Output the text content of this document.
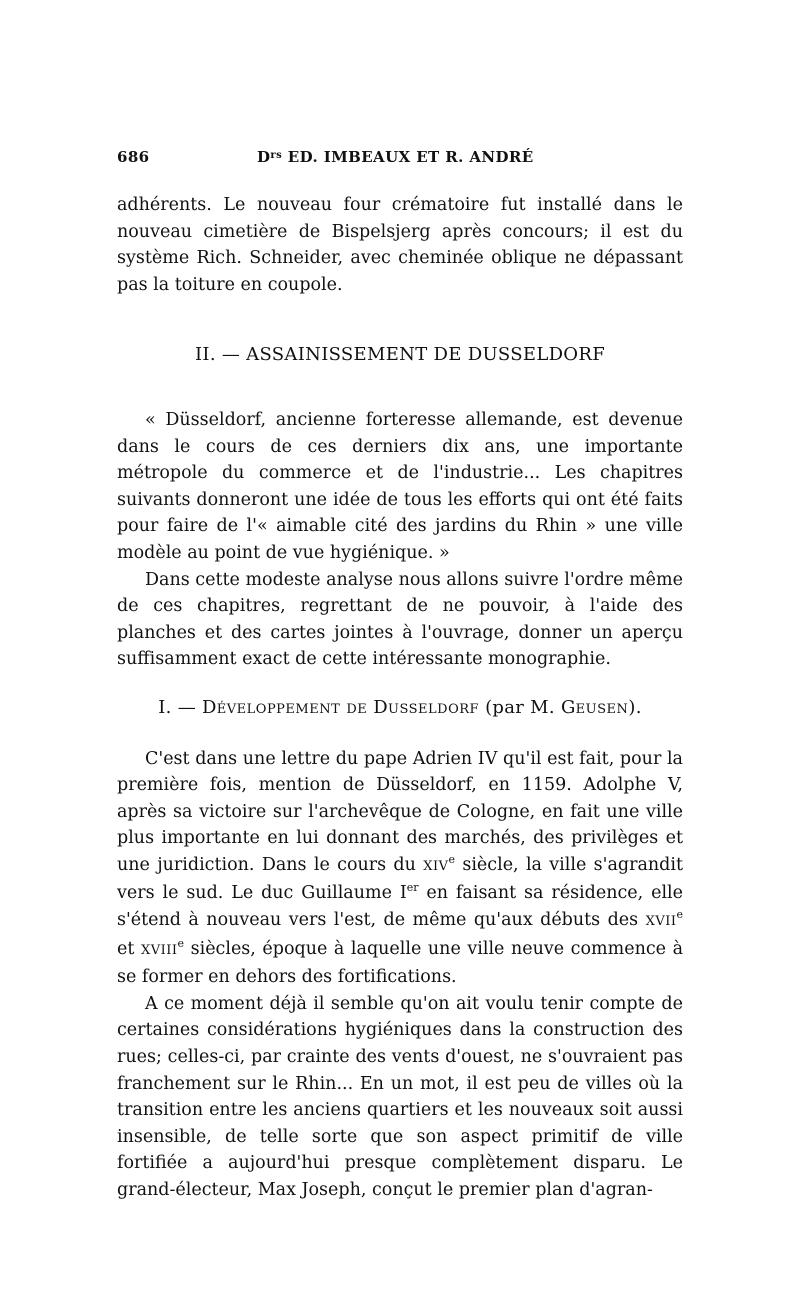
686	$D^{rs}$ ED. IMBEAUX ET R. ANDRÉ

adhérents. Le nouveau four crématoire fut installé dans le nouveau cimetière de Bispelsjerg après concours; il est du système Rich. Schneider, avec cheminée oblique ne dépassant pas la toiture en coupole.

II. — ASSAINISSEMENT DE DUSSELDORF

« Düsseldorf, ancienne forteresse allemande, est devenue dans le cours de ces derniers dix ans, une importante métropole du commerce et de l'industrie... Les chapitres suivants donneront une idée de tous les efforts qui ont été faits pour faire de l'« aimable cité des jardins du Rhin » une ville modèle au point de vue hygiénique. »

Dans cette modeste analyse nous allons suivre l'ordre même de ces chapitres, regrettant de ne pouvoir, à l'aide des planches et des cartes jointes à l'ouvrage, donner un aperçu suffisamment exact de cette intéressante monographie.

I. — DÉVELOPPEMENT DE DUSSELDORF (par M. GEUSEN).

C'est dans une lettre du pape Adrien IV qu'il est fait, pour la première fois, mention de Düsseldorf, en 1159. Adolphe V, après sa victoire sur l'archevêque de Cologne, en fait une ville plus importante en lui donnant des marchés, des privilèges et une juridiction. Dans le cours du XIVe siècle, la ville s'agrandit vers le sud. Le duc Guillaume Ier en faisant sa résidence, elle s'étend à nouveau vers l'est, de même qu'aux débuts des XVIIe et XVIIIe siècles, époque à laquelle une ville neuve commence à se former en dehors des fortifications.

A ce moment déjà il semble qu'on ait voulu tenir compte de certaines considérations hygiéniques dans la construction des rues; celles-ci, par crainte des vents d'ouest, ne s'ouvraient pas franchement sur le Rhin... En un mot, il est peu de villes où la transition entre les anciens quartiers et les nouveaux soit aussi insensible, de telle sorte que son aspect primitif de ville fortifiée a aujourd'hui presque complètement disparu. Le grand-électeur, Max Joseph, conçut le premier plan d'agran-
